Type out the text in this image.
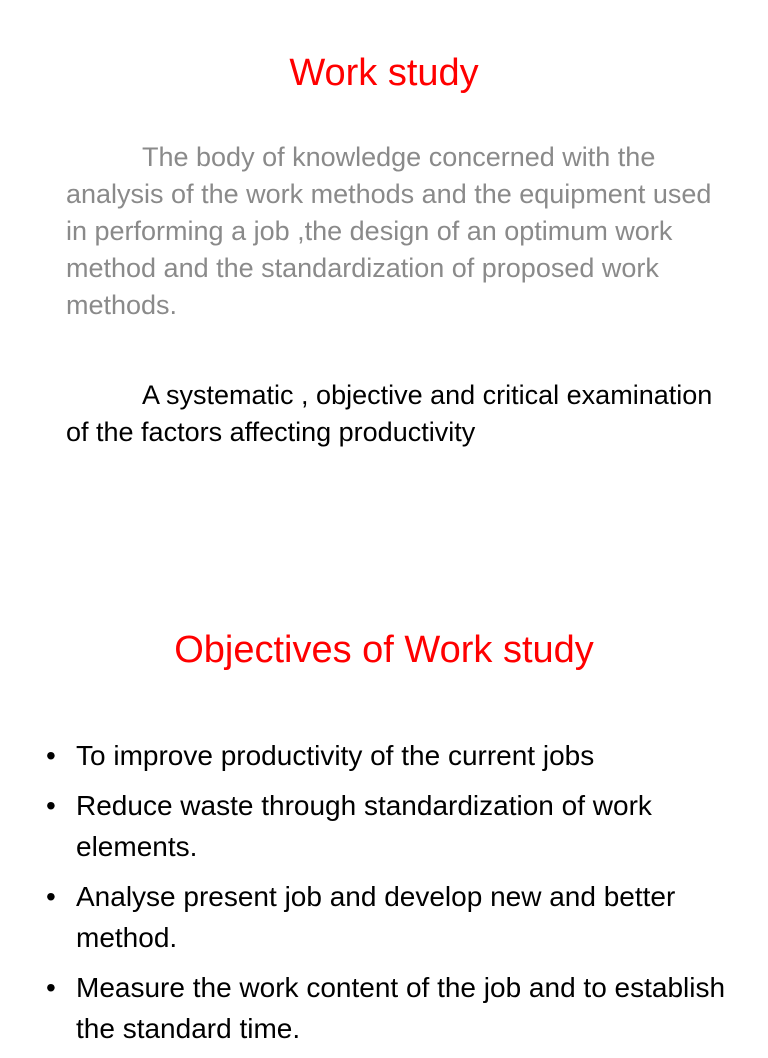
Work study

The body of knowledge concerned with the analysis of the work methods and the equipment used in performing a job ,the design of an optimum work method and the standardization of proposed work methods.

A systematic , objective and critical examination of the factors affecting productivity

Objectives of Work study
• To improve productivity of the current jobs
• Reduce waste through standardization of work elements.
• Analyse present job and develop new and better method.
• Measure the work content of the job and to establish the standard time.
